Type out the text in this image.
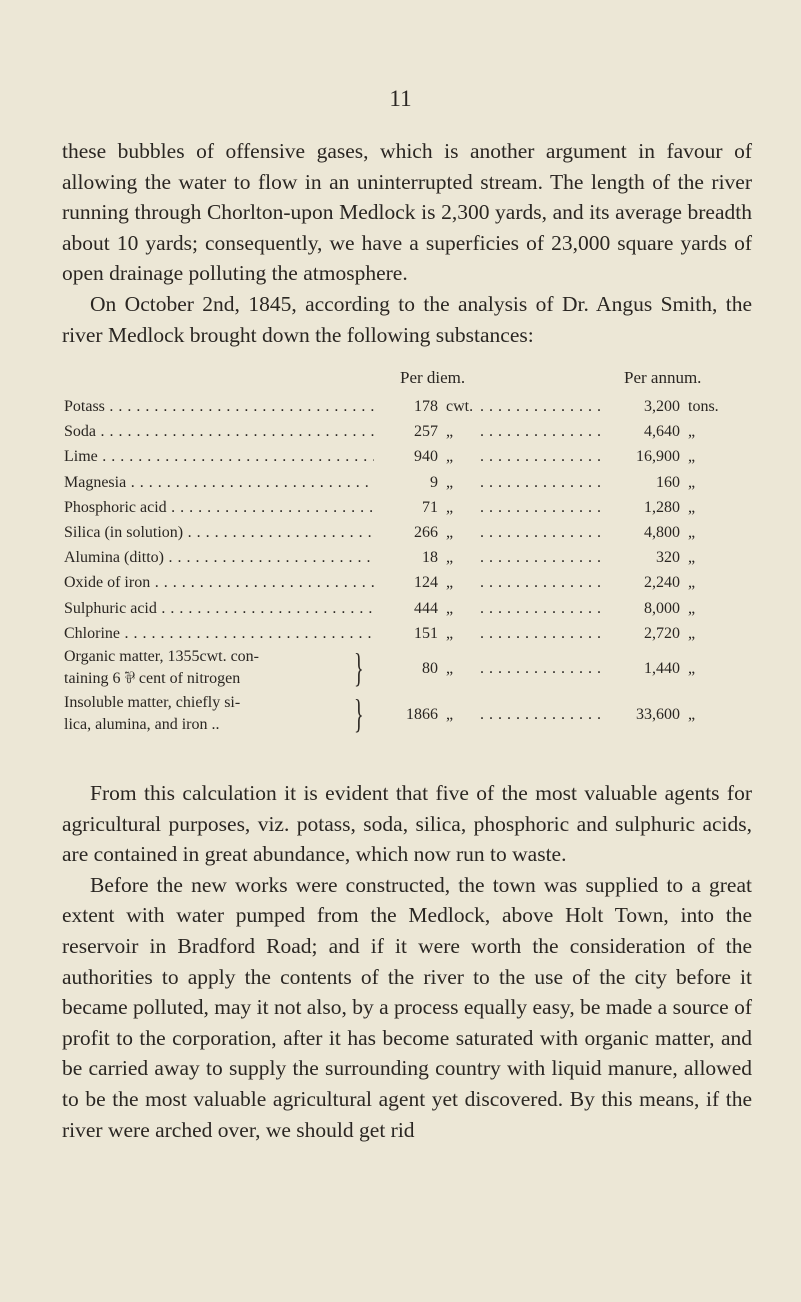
11

these bubbles of offensive gases, which is another argument in favour of allowing the water to flow in an uninterrupted stream. The length of the river running through Chorlton-upon Medlock is 2,300 yards, and its average breadth about 10 yards; consequently, we have a superficies of 23,000 square yards of open drainage polluting the atmosphere.

On October 2nd, 1845, according to the analysis of Dr. Angus Smith, the river Medlock brought down the following substances:

Per diem.	Per annum.
Potass . . .	178 cwt. . . .	3,200 tons.
Soda . . .	257 „ . . .	4,640 „
Lime . . .	940 „ . . .	16,900 „
Magnesia . . .	9 „ . . .	160 „
Phosphoric acid . . .	71 „ . . .	1,280 „
Silica (in solution) . . .	266 „ . . .	4,800 „
Alumina (ditto) . . .	18 „ . . .	320 „
Oxide of iron . . .	124 „ . . .	2,240 „
Sulphuric acid . . .	444 „ . . .	8,000 „
Chlorine . . .	151 „ . . .	2,720 „
Organic matter, 1355cwt. con-
taining 6 ⅌ cent of nitrogen	}	80 „ . . .	1,440 „
Insoluble matter, chiefly si-
lica, alumina, and iron ..	}	1866 „ . . .	33,600 „

From this calculation it is evident that five of the most valuable agents for agricultural purposes, viz. potass, soda, silica, phosphoric and sulphuric acids, are contained in great abundance, which now run to waste.

Before the new works were constructed, the town was supplied to a great extent with water pumped from the Medlock, above Holt Town, into the reservoir in Bradford Road; and if it were worth the consideration of the authorities to apply the contents of the river to the use of the city before it became polluted, may it not also, by a process equally easy, be made a source of profit to the corporation, after it has become saturated with organic matter, and be carried away to supply the surrounding country with liquid manure, allowed to be the most valuable agricultural agent yet discovered. By this means, if the river were arched over, we should get rid
